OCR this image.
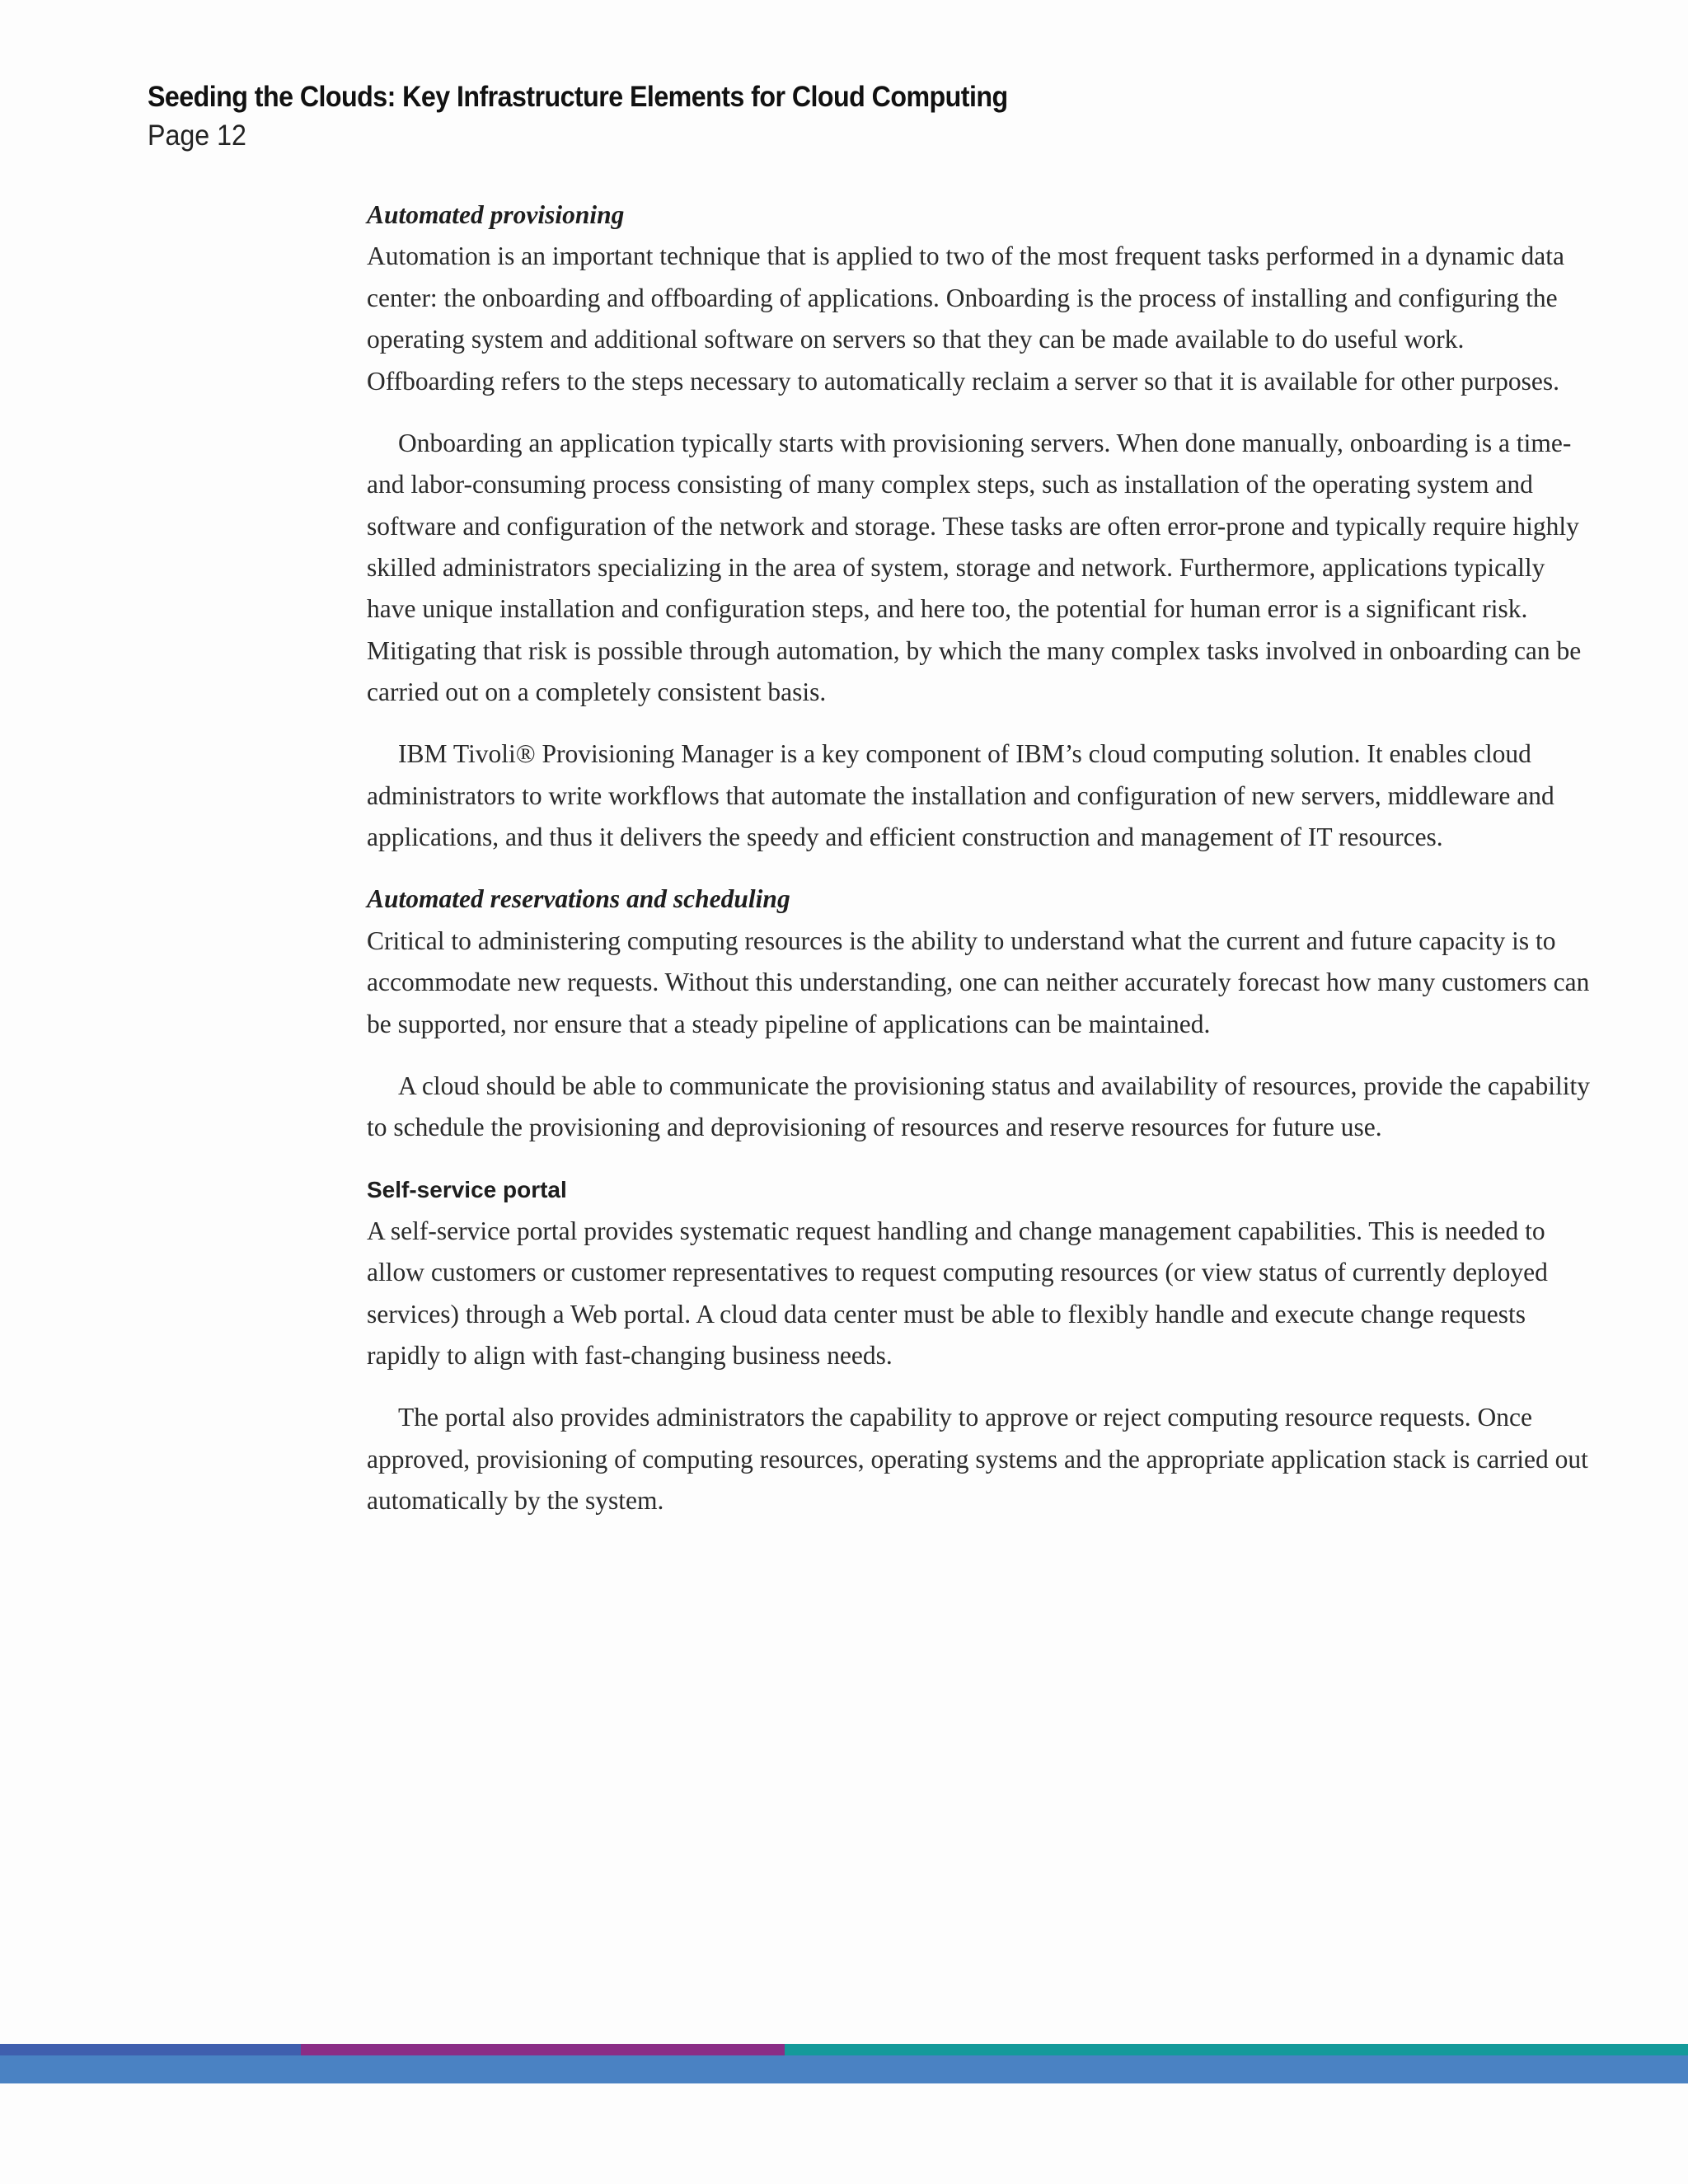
Seeding the Clouds: Key Infrastructure Elements for Cloud Computing
Page 12
Automated provisioning

Automation is an important technique that is applied to two of the most frequent tasks performed in a dynamic data center: the onboarding and offboarding of applications. Onboarding is the process of installing and configuring the operating system and additional software on servers so that they can be made available to do useful work. Offboarding refers to the steps necessary to automatically reclaim a server so that it is available for other purposes.

Onboarding an application typically starts with provisioning servers. When done manually, onboarding is a time- and labor-consuming process consisting of many complex steps, such as installation of the operating system and software and configuration of the network and storage. These tasks are often error-prone and typically require highly skilled administrators specializing in the area of system, storage and network. Furthermore, applications typically have unique installation and configuration steps, and here too, the potential for human error is a significant risk. Mitigating that risk is possible through automation, by which the many complex tasks involved in onboarding can be carried out on a completely consistent basis.

IBM Tivoli® Provisioning Manager is a key component of IBM’s cloud computing solution. It enables cloud administrators to write workflows that automate the installation and configuration of new servers, middleware and applications, and thus it delivers the speedy and efficient construction and management of IT resources.

Automated reservations and scheduling

Critical to administering computing resources is the ability to understand what the current and future capacity is to accommodate new requests. Without this understanding, one can neither accurately forecast how many customers can be supported, nor ensure that a steady pipeline of applications can be maintained.

A cloud should be able to communicate the provisioning status and availability of resources, provide the capability to schedule the provisioning and deprovisioning of resources and reserve resources for future use.

Self-service portal

A self-service portal provides systematic request handling and change management capabilities. This is needed to allow customers or customer representatives to request computing resources (or view status of currently deployed services) through a Web portal. A cloud data center must be able to flexibly handle and execute change requests rapidly to align with fast-changing business needs.

The portal also provides administrators the capability to approve or reject computing resource requests. Once approved, provisioning of computing resources, operating systems and the appropriate application stack is carried out automatically by the system.
